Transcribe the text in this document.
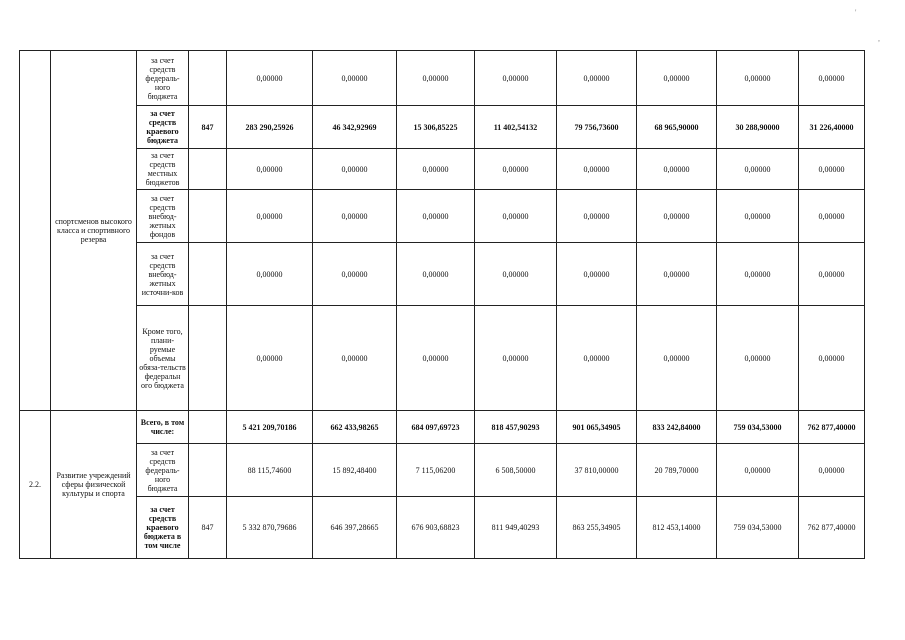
'
,
	спортсменов высокого класса и спортивного резерва	за счет средств федераль-ного бюджета		0,00000	0,00000	0,00000	0,00000	0,00000	0,00000	0,00000	0,00000
		за счет средств краевого бюджета	847	283 290,25926	46 342,92969	15 306,85225	11 402,54132	79 756,73600	68 965,90000	30 288,90000	31 226,40000
		за счет средств местных бюджетов		0,00000	0,00000	0,00000	0,00000	0,00000	0,00000	0,00000	0,00000
		за счет средств внебюд-жетных фондов		0,00000	0,00000	0,00000	0,00000	0,00000	0,00000	0,00000	0,00000
		за счет средств внебюд-жетных источни-ков		0,00000	0,00000	0,00000	0,00000	0,00000	0,00000	0,00000	0,00000
		Кроме того, плани-руемые объемы обяза-тельств федеральн ого бюджета		0,00000	0,00000	0,00000	0,00000	0,00000	0,00000	0,00000	0,00000
2.2.	Развитие учреждений сферы физической культуры и спорта	Всего, в том числе:		5 421 209,70186	662 433,98265	684 097,69723	818 457,90293	901 065,34905	833 242,84000	759 034,53000	762 877,40000
		за счет средств федераль-ного бюджета		88 115,74600	15 892,48400	7 115,06200	6 508,50000	37 810,00000	20 789,70000	0,00000	0,00000
		за счет средств краевого бюджета в том числе	847	5 332 870,79686	646 397,28665	676 903,68823	811 949,40293	863 255,34905	812 453,14000	759 034,53000	762 877,40000
